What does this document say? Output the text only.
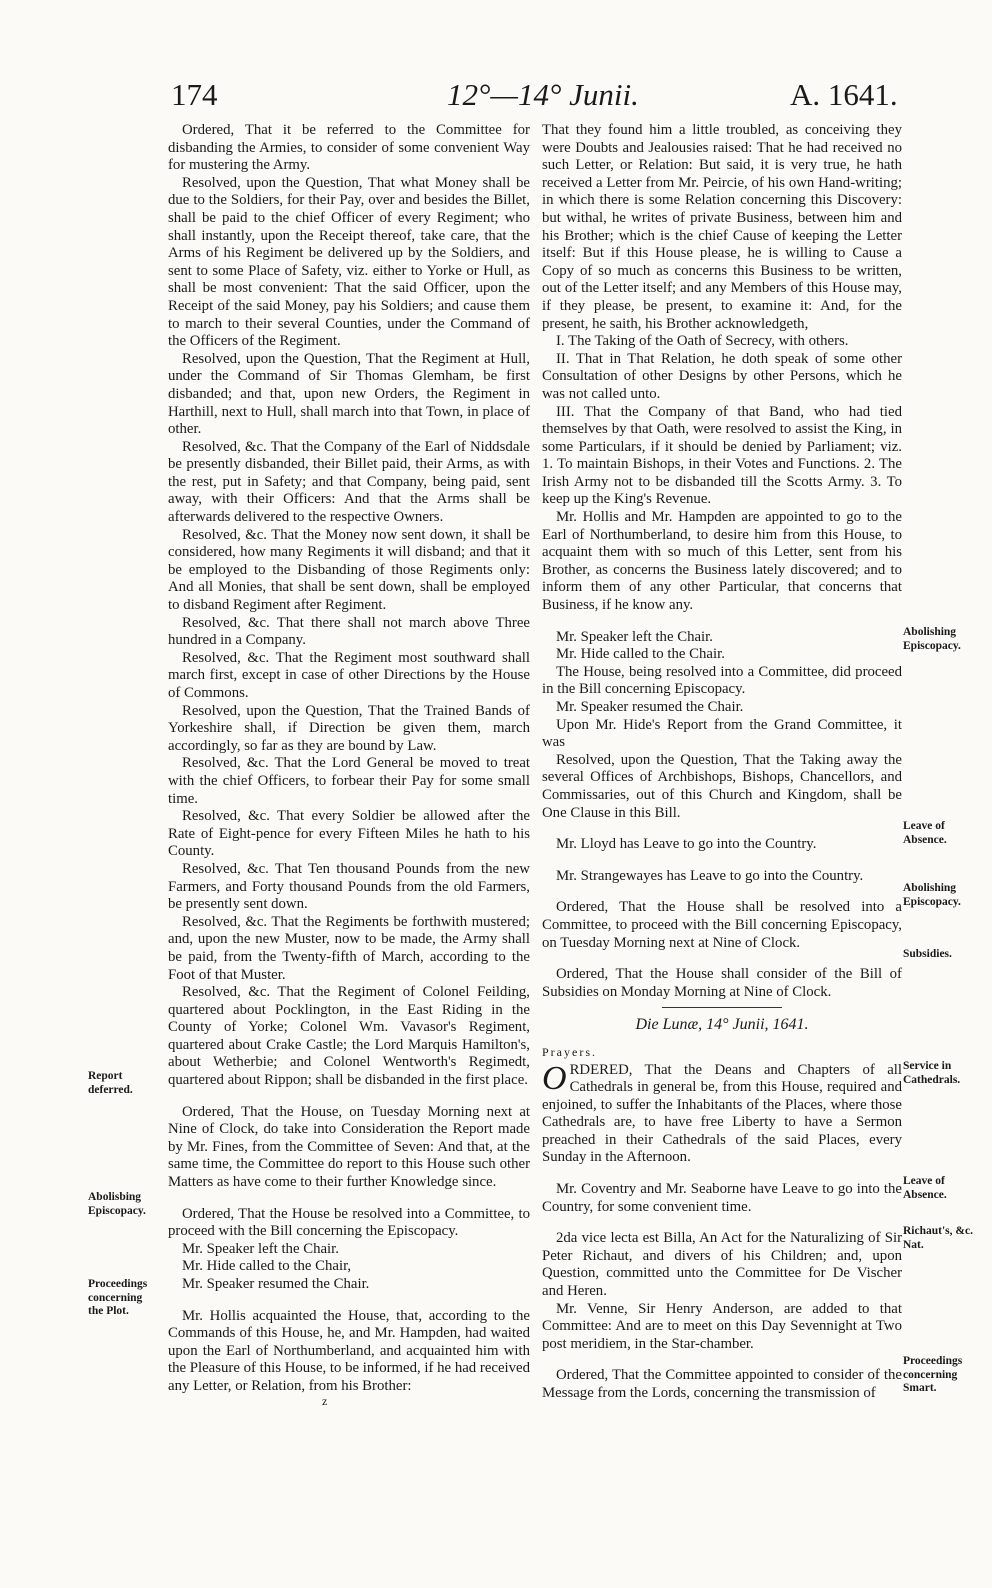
174	12°—14° Junii.	A. 1641.

Ordered, That it be referred to the Committee for disbanding the Armies, to consider of some convenient Way for mustering the Army.

Resolved, upon the Question, That what Money shall be due to the Soldiers, for their Pay, over and besides the Billet, shall be paid to the chief Officer of every Regiment; who shall instantly, upon the Receipt thereof, take care, that the Arms of his Regiment be delivered up by the Soldiers, and sent to some Place of Safety, viz. either to Yorke or Hull, as shall be most convenient: That the said Officer, upon the Receipt of the said Money, pay his Soldiers; and cause them to march to their several Counties, under the Command of the Officers of the Regiment.

Resolved, upon the Question, That the Regiment at Hull, under the Command of Sir Thomas Glemham, be first disbanded; and that, upon new Orders, the Regiment in Harthill, next to Hull, shall march into that Town, in place of other.

Resolved, &c. That the Company of the Earl of Niddsdale be presently disbanded, their Billet paid, their Arms, as with the rest, put in Safety; and that Company, being paid, sent away, with their Officers: And that the Arms shall be afterwards delivered to the respective Owners.

Resolved, &c. That the Money now sent down, it shall be considered, how many Regiments it will disband; and that it be employed to the Disbanding of those Regiments only: And all Monies, that shall be sent down, shall be employed to disband Regiment after Regiment.

Resolved, &c. That there shall not march above Three hundred in a Company.

Resolved, &c. That the Regiment most southward shall march first, except in case of other Directions by the House of Commons.

Resolved, upon the Question, That the Trained Bands of Yorkeshire shall, if Direction be given them, march accordingly, so far as they are bound by Law.

Resolved, &c. That the Lord General be moved to treat with the chief Officers, to forbear their Pay for some small time.

Resolved, &c. That every Soldier be allowed after the Rate of Eight-pence for every Fifteen Miles he hath to his County.

Resolved, &c. That Ten thousand Pounds from the new Farmers, and Forty thousand Pounds from the old Farmers, be presently sent down.

Resolved, &c. That the Regiments be forthwith mustered; and, upon the new Muster, now to be made, the Army shall be paid, from the Twenty-fifth of March, according to the Foot of that Muster.

Resolved, &c. That the Regiment of Colonel Feilding, quartered about Pocklington, in the East Riding in the County of Yorke; Colonel Wm. Vavasor's Regiment, quartered about Crake Castle; the Lord Marquis Hamilton's, about Wetherbie; and Colonel Wentworth's Regimedt, quartered about Rippon; shall be disbanded in the first place.

Ordered, That the House, on Tuesday Morning next at Nine of Clock, do take into Consideration the Report made by Mr. Fines, from the Committee of Seven: And that, at the same time, the Committee do report to this House such other Matters as have come to their further Knowledge since.

Ordered, That the House be resolved into a Committee, to proceed with the Bill concerning the Episcopacy.

Mr. Speaker left the Chair.

Mr. Hide called to the Chair,

Mr. Speaker resumed the Chair.

Mr. Hollis acquainted the House, that, according to the Commands of this House, he, and Mr. Hampden, had waited upon the Earl of Northumberland, and acquainted him with the Pleasure of this House, to be informed, if he had received any Letter, or Relation, from his Brother:

That they found him a little troubled, as conceiving they were Doubts and Jealousies raised: That he had received no such Letter, or Relation: But said, it is very true, he hath received a Letter from Mr. Peircie, of his own Hand-writing; in which there is some Relation concerning this Discovery: but withal, he writes of private Business, between him and his Brother; which is the chief Cause of keeping the Letter itself: But if this House please, he is willing to Cause a Copy of so much as concerns this Business to be written, out of the Letter itself; and any Members of this House may, if they please, be present, to examine it: And, for the present, he saith, his Brother acknowledgeth,

I. The Taking of the Oath of Secrecy, with others.

II. That in That Relation, he doth speak of some other Consultation of other Designs by other Persons, which he was not called unto.

III. That the Company of that Band, who had tied themselves by that Oath, were resolved to assist the King, in some Particulars, if it should be denied by Parliament; viz. 1. To maintain Bishops, in their Votes and Functions. 2. The Irish Army not to be disbanded till the Scotts Army. 3. To keep up the King's Revenue.

Mr. Hollis and Mr. Hampden are appointed to go to the Earl of Northumberland, to desire him from this House, to acquaint them with so much of this Letter, sent from his Brother, as concerns the Business lately discovered; and to inform them of any other Particular, that concerns that Business, if he know any.

Mr. Speaker left the Chair.

Mr. Hide called to the Chair.

The House, being resolved into a Committee, did proceed in the Bill concerning Episcopacy.

Mr. Speaker resumed the Chair.

Upon Mr. Hide's Report from the Grand Committee, it was

Resolved, upon the Question, That the Taking away the several Offices of Archbishops, Bishops, Chancellors, and Commissaries, out of this Church and Kingdom, shall be One Clause in this Bill.

Mr. Lloyd has Leave to go into the Country.

Mr. Strangewayes has Leave to go into the Country.

Ordered, That the House shall be resolved into a Committee, to proceed with the Bill concerning Episcopacy, on Tuesday Morning next at Nine of Clock.

Ordered, That the House shall consider of the Bill of Subsidies on Monday Morning at Nine of Clock.

Die Lunæ, 14° Junii, 1641.

Prayers.

ORDERED, That the Deans and Chapters of all Cathedrals in general be, from this House, required and enjoined, to suffer the Inhabitants of the Places, where those Cathedrals are, to have free Liberty to have a Sermon preached in their Cathedrals of the said Places, every Sunday in the Afternoon.

Mr. Coventry and Mr. Seaborne have Leave to go into the Country, for some convenient time.

2da vice lecta est Billa, An Act for the Naturalizing of Sir Peter Richaut, and divers of his Children; and, upon Question, committed unto the Committee for De Vischer and Heren.

Mr. Venne, Sir Henry Anderson, are added to that Committee: And are to meet on this Day Sevennight at Two post meridiem, in the Star-chamber.

Ordered, That the Committee appointed to consider of the Message from the Lords, concerning the transmission of

Report deferred.
Abolisbing Episcopacy.
Proceedings concerning the Plot.
Abolishing Episcopacy.
Leave of Absence.
Abolishing Episcopacy.
Subsidies.
Service in Cathedrals.
Leave of Absence.
Richaut's, &c. Nat.
Proceedings concerning Smart.
z
